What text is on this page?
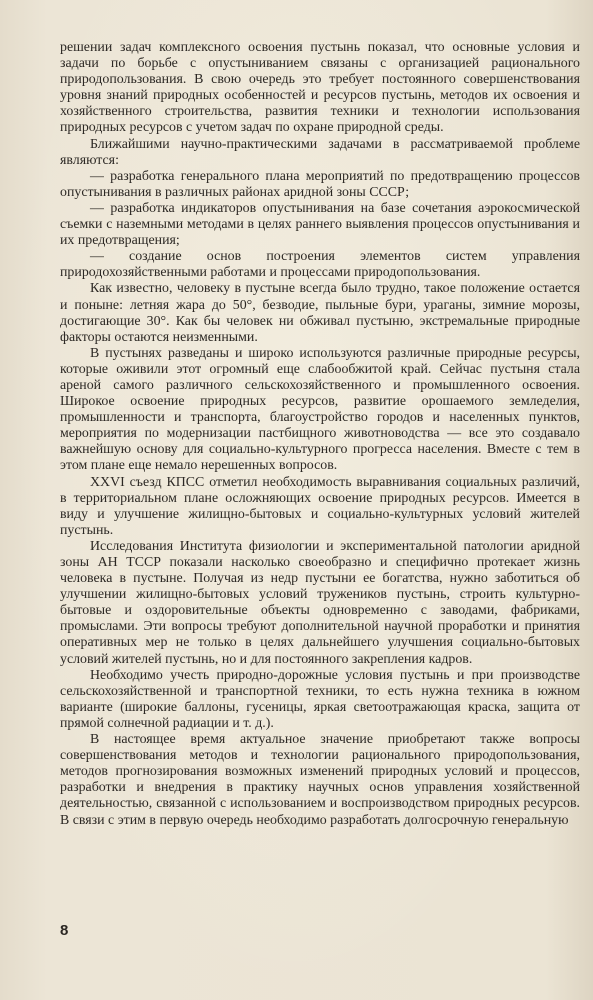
решении задач комплексного освоения пустынь показал, что основные условия и задачи по борьбе с опустыниванием связаны с организацией рационального природопользования. В свою очередь это требует постоянного совершенствования уровня знаний природных особенностей и ресурсов пустынь, методов их освоения и хозяйственного строительства, развития техники и технологии использования природных ресурсов с учетом задач по охране природной среды.

Ближайшими научно-практическими задачами в рассматриваемой проблеме являются:

— разработка генерального плана мероприятий по предотвращению процессов опустынивания в различных районах аридной зоны СССР;

— разработка индикаторов опустынивания на базе сочетания аэрокосмической съемки с наземными методами в целях раннего выявления процессов опустынивания и их предотвращения;

— создание основ построения элементов систем управления природохозяйственными работами и процессами природопользования.

Как известно, человеку в пустыне всегда было трудно, такое положение остается и поныне: летняя жара до 50°, безводие, пыльные бури, ураганы, зимние морозы, достигающие 30°. Как бы человек ни обживал пустыню, экстремальные природные факторы остаются неизменными.

В пустынях разведаны и широко используются различные природные ресурсы, которые оживили этот огромный еще слабообжитой край. Сейчас пустыня стала ареной самого различного сельскохозяйственного и промышленного освоения. Широкое освоение природных ресурсов, развитие орошаемого земледелия, промышленности и транспорта, благоустройство городов и населенных пунктов, мероприятия по модернизации пастбищного животноводства — все это создавало важнейшую основу для социально-культурного прогресса населения. Вместе с тем в этом плане еще немало нерешенных вопросов.

XXVI съезд КПСС отметил необходимость выравнивания социальных различий, в территориальном плане осложняющих освоение природных ресурсов. Имеется в виду и улучшение жилищно-бытовых и социально-культурных условий жителей пустынь.

Исследования Института физиологии и экспериментальной патологии аридной зоны АН ТССР показали насколько своеобразно и специфично протекает жизнь человека в пустыне. Получая из недр пустыни ее богатства, нужно заботиться об улучшении жилищно-бытовых условий тружеников пустынь, строить культурно-бытовые и оздоровительные объекты одновременно с заводами, фабриками, промыслами. Эти вопросы требуют дополнительной научной проработки и принятия оперативных мер не только в целях дальнейшего улучшения социально-бытовых условий жителей пустынь, но и для постоянного закрепления кадров.

Необходимо учесть природно-дорожные условия пустынь и при производстве сельскохозяйственной и транспортной техники, то есть нужна техника в южном варианте (широкие баллоны, гусеницы, яркая светоотражающая краска, защита от прямой солнечной радиации и т. д.).

В настоящее время актуальное значение приобретают также вопросы совершенствования методов и технологии рационального природопользования, методов прогнозирования возможных изменений природных условий и процессов, разработки и внедрения в практику научных основ управления хозяйственной деятельностью, связанной с использованием и воспроизводством природных ресурсов. В связи с этим в первую очередь необходимо разработать долгосрочную генеральную

8
